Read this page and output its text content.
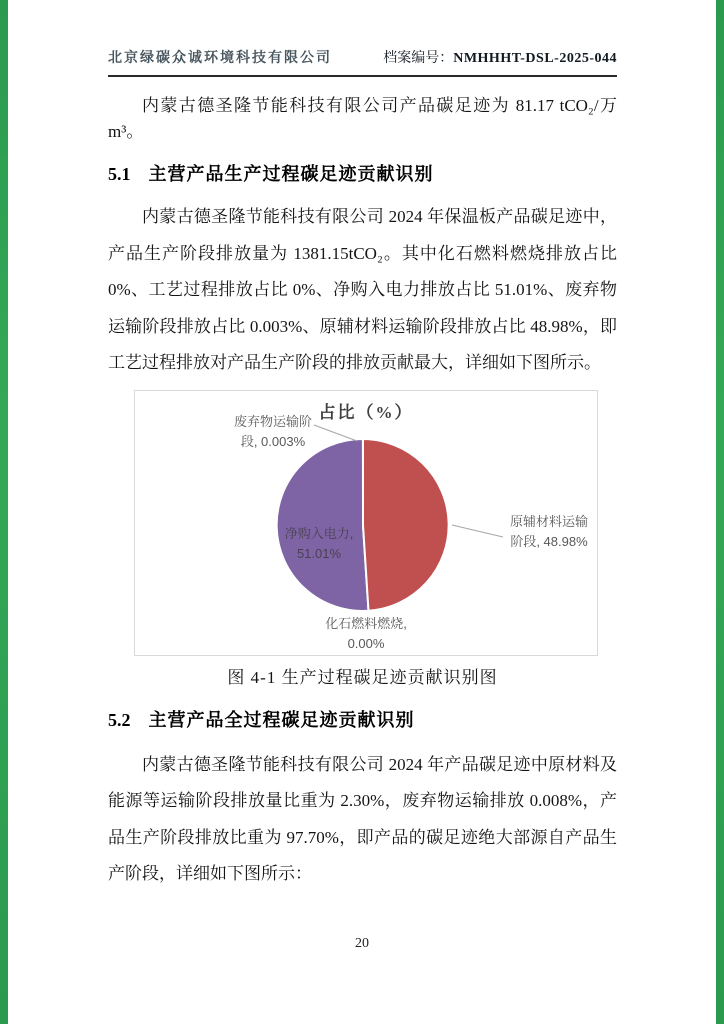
北京绿碳众诚环境科技有限公司	档案编号：NMHHHT-DSL-2025-044
内蒙古德圣隆节能科技有限公司产品碳足迹为 81.17 tCO₂/万 m³。
5.1 主营产品生产过程碳足迹贡献识别
内蒙古德圣隆节能科技有限公司 2024 年保温板产品碳足迹中，产品生产阶段排放量为 1381.15tCO₂。其中化石燃料燃烧排放占比 0%、工艺过程排放占比 0%、净购入电力排放占比 51.01%、废弃物运输阶段排放占比 0.003%、原辅材料运输阶段排放占比 48.98%，即工艺过程排放对产品生产阶段的排放贡献最大，详细如下图所示。
占比（%）
废弃物运输阶段, 0.003%
原辅材料运输阶段, 48.98%
化石燃料燃烧, 0.00%
净购入电力, 51.01%
图 4-1 生产过程碳足迹贡献识别图
5.2 主营产品全过程碳足迹贡献识别
内蒙古德圣隆节能科技有限公司 2024 年产品碳足迹中原材料及能源等运输阶段排放量比重为 2.30%，废弃物运输排放 0.008%，产品生产阶段排放比重为 97.70%，即产品的碳足迹绝大部源自产品生产阶段，详细如下图所示：
20
